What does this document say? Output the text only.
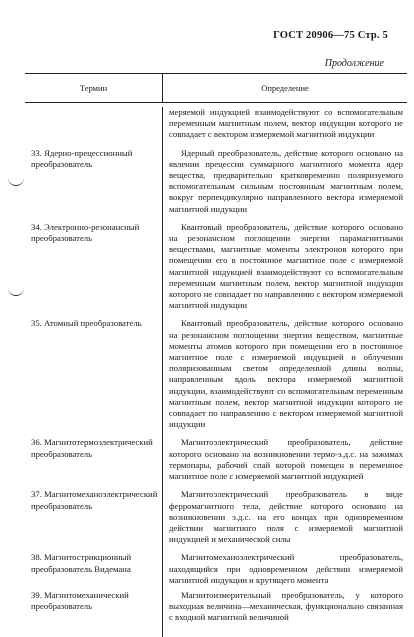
ГОСТ 20906—75 Стр. 5
Продолжение
Термин	Определение

меряемой индукцией взаимодействуют со вспомогательным переменным магнитным полем, вектор индукции которого не совпадает с вектором измеряемой магнитной индукции

33. Ядерно-прецессионный преобразователь

Ядерный преобразователь, действие которого основано на явлении прецессии суммарного магнитного момента ядер вещества, предварительно кратковременно поляризуемого вспомогательным сильным постоянным магнитным полем, вокруг перпендикулярно направленного вектора измеряемой магнитной индукции

34. Электронно-резонансный преобразователь

Квантовый преобразователь, действие которого основано на резонансном поглощении энергии парамагнитными веществами, магнитные моменты электронов которого при помещении его в постоянное магнитное поле с измеряемой магнитной индукцией взаимодействуют со вспомогательным переменным магнитным полем, вектор магнитной индукции которого не совпадает по направлению с вектором измеряемой магнитной индукции

35. Атомный преобразователь	Квантовый преобразователь, действие которого основано на резонансном поглощении энергии веществом, магнитные моменты атомов которого при помещении его в постоянное магнитное поле с измеряемой индукцией и облучении поляризованным светом определенной длины волны, направленным вдоль вектора измеряемой магнитной индукции, взаимодействуют со вспомогательным переменным магнитным полем, вектор магнитной индукции которого не совпадает по направлению с вектором измеряемой магнитной индукции

36. Магнитотермоэлектрический преобразователь

Магнитоэлектрический преобразователь, действие которого основано на возникновении термо-э.д.с. на зажимах термопары, рабочий спай которой помещен в переменное магнитное поле с измеряемой магнитной индукцией

37. Магнитомеханоэлектрический преобразователь

Магнитоэлектрический преобразователь в виде ферромагнитного тела, действие которого основано на возникновении э.д.с. на его концах при одновременном действии магнитного поля с измеряемой магнитной индукцией и механической силы

38. Магнитострикционный преобразователь Видемана

Магнитомеханоэлектрический преобразователь, находящийся при одновременном действии измеряемой магнитной индукции и крутящего момента

39. Магнитомеханический преобразователь

Магнитоизмерительный преобразователь, у которого выходная величина—механическая, функционально связанная с входной магнитной величиной
